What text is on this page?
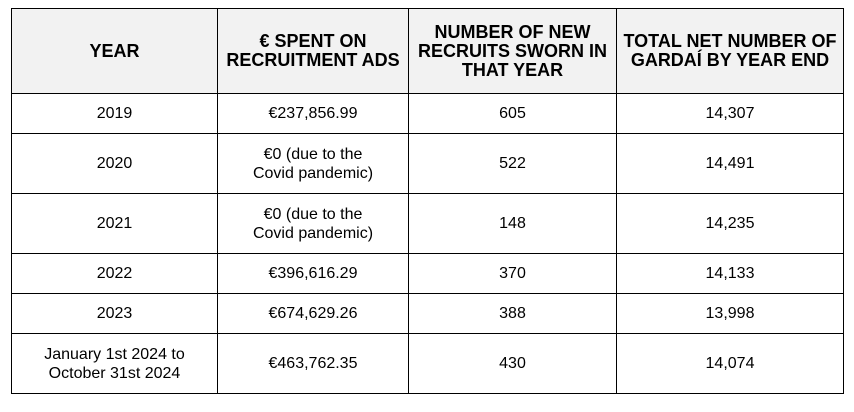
YEAR	€ SPENT ON RECRUITMENT ADS	NUMBER OF NEW RECRUITS SWORN IN THAT YEAR	TOTAL NET NUMBER OF GARDAÍ BY YEAR END
2019	€237,856.99	605	14,307
2020	€0 (due to the Covid pandemic)	522	14,491
2021	€0 (due to the Covid pandemic)	148	14,235
2022	€396,616.29	370	14,133
2023	€674,629.26	388	13,998
January 1st 2024 to October 31st 2024	€463,762.35	430	14,074
